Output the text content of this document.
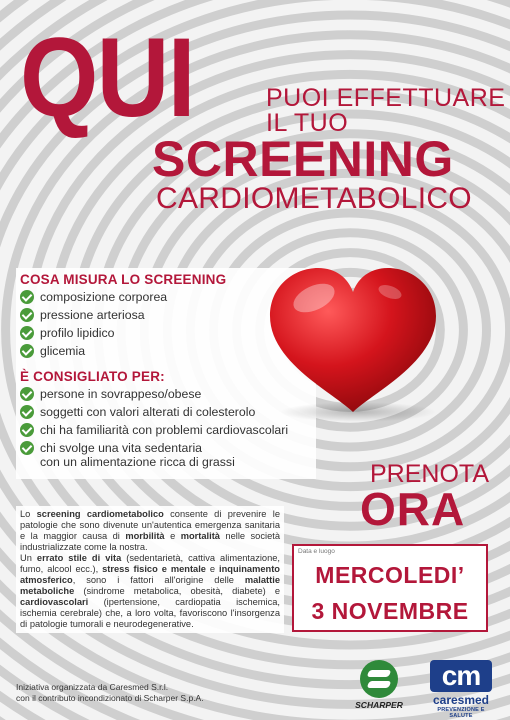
QUI	PUOI EFFETTUARE
IL TUO
SCREENING
CARDIOMETABOLICO
COSA MISURA LO SCREENING
composizione corporea
pressione arteriosa
profilo lipidico
glicemia
È CONSIGLIATO PER:
persone in sovrappeso/obese
soggetti con valori alterati di colesterolo
chi ha familiarità con problemi cardiovascolari
chi svolge una vita sedentaria
con un alimentazione ricca di grassi	PRENOTA
ORA

Lo screening cardiometabolico consente di prevenire le patologie che sono divenute un'autentica emergenza sanitaria e la maggior causa di morbilità e mortalità nelle società industrializzate come la nostra.

Un errato stile di vita (sedentarietà, cattiva alimentazione, fumo, alcool ecc.), stress fisico e mentale e inquinamento atmosferico, sono i fattori all'origine delle malattie metaboliche (sindrome metabolica, obesità, diabete) e cardiovascolari (ipertensione, cardiopatia ischemica, ischemia cerebrale) che, a loro volta, favoriscono l'insorgenza di patologie tumorali e neurodegenerative.

Data e luogo
MERCOLEDI’
3 NOVEMBRE
Iniziativa organizzata da Caresmed S.r.l.
con il contributo incondizionato di Scharper S.p.A.
SCHARPER
cm
caresmed
PREVENZIONE E SALUTE
